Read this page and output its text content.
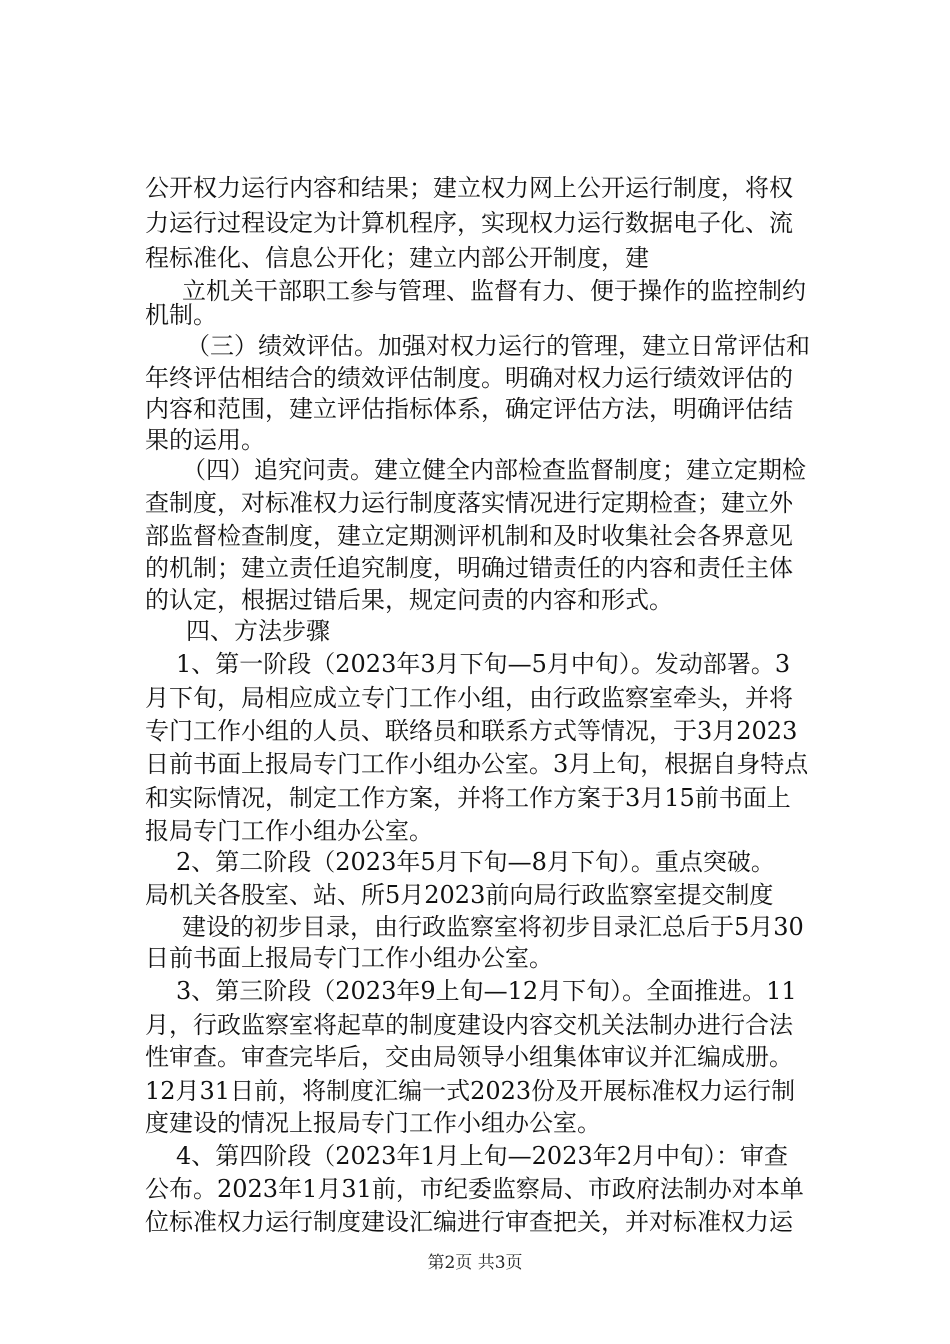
公开权力运行内容和结果；建立权力网上公开运行制度，将权
力运行过程设定为计算机程序，实现权力运行数据电子化、流
程标准化、信息公开化；建立内部公开制度，建
立机关干部职工参与管理、监督有力、便于操作的监控制约
机制。
（三）绩效评估。加强对权力运行的管理，建立日常评估和
年终评估相结合的绩效评估制度。明确对权力运行绩效评估的
内容和范围，建立评估指标体系，确定评估方法，明确评估结
果的运用。
（四）追究问责。建立健全内部检查监督制度；建立定期检
查制度，对标准权力运行制度落实情况进行定期检查；建立外
部监督检查制度，建立定期测评机制和及时收集社会各界意见
的机制；建立责任追究制度，明确过错责任的内容和责任主体
的认定，根据过错后果，规定问责的内容和形式。
四、方法步骤
1、第一阶段（2023年3月下旬—5月中旬）。发动部署。3
月下旬，局相应成立专门工作小组，由行政监察室牵头，并将
专门工作小组的人员、联络员和联系方式等情况，于3月2023
日前书面上报局专门工作小组办公室。3月上旬，根据自身特点
和实际情况，制定工作方案，并将工作方案于3月15前书面上
报局专门工作小组办公室。
2、第二阶段（2023年5月下旬—8月下旬）。重点突破。
局机关各股室、站、所5月2023前向局行政监察室提交制度
建设的初步目录，由行政监察室将初步目录汇总后于5月30
日前书面上报局专门工作小组办公室。
3、第三阶段（2023年9上旬—12月下旬）。全面推进。11
月，行政监察室将起草的制度建设内容交机关法制办进行合法
性审查。审查完毕后，交由局领导小组集体审议并汇编成册。
12月31日前，将制度汇编一式2023份及开展标准权力运行制
度建设的情况上报局专门工作小组办公室。
4、第四阶段（2023年1月上旬—2023年2月中旬）：审查
公布。2023年1月31前，市纪委监察局、市政府法制办对本单
位标准权力运行制度建设汇编进行审查把关，并对标准权力运
第2页 共3页
